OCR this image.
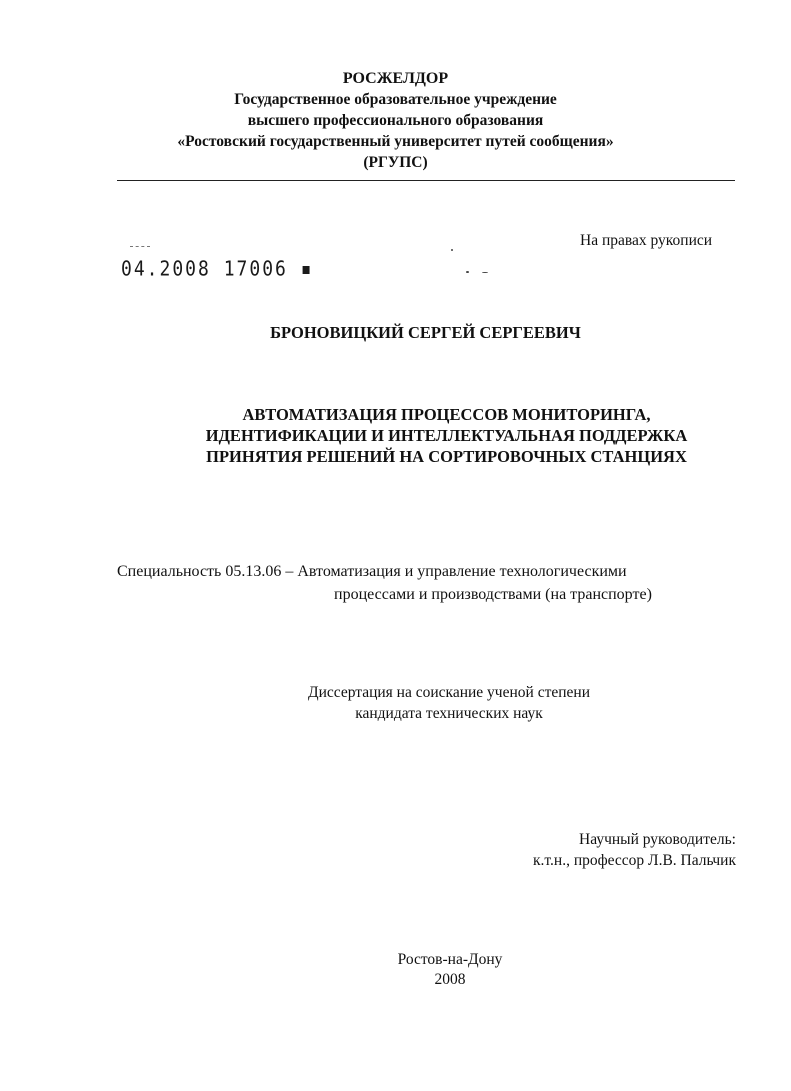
РОСЖЕЛДОР
Государственное образовательное учреждение
высшего профессионального образования
«Ростовский государственный университет путей сообщения»
(РГУПС)
На правах рукописи
04.2008 17006 ▪
БРОНОВИЦКИЙ СЕРГЕЙ СЕРГЕЕВИЧ
АВТОМАТИЗАЦИЯ ПРОЦЕССОВ МОНИТОРИНГА,
ИДЕНТИФИКАЦИИ И ИНТЕЛЛЕКТУАЛЬНАЯ ПОДДЕРЖКА
ПРИНЯТИЯ РЕШЕНИЙ НА СОРТИРОВОЧНЫХ СТАНЦИЯХ
Специальность 05.13.06 – Автоматизация и управление технологическими
процессами и производствами (на транспорте)
Диссертация на соискание ученой степени
кандидата технических наук
Научный руководитель:
к.т.н., профессор Л.В. Пальчик
Ростов-на-Дону
2008
